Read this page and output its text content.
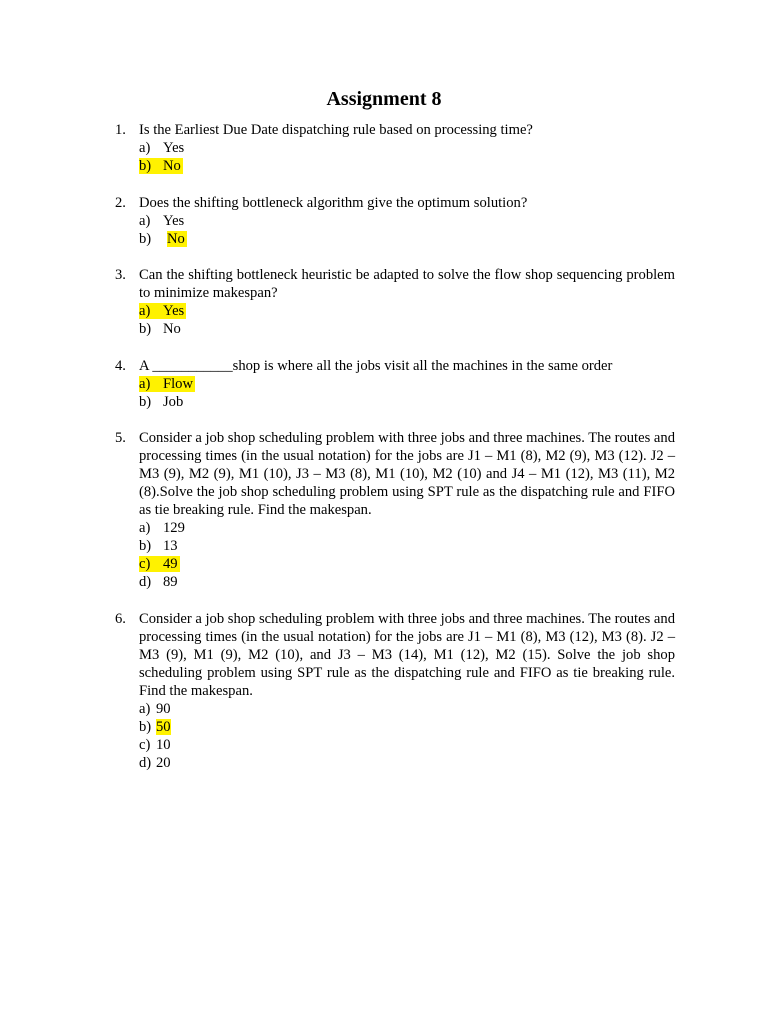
Assignment 8
1. Is the Earliest Due Date dispatching rule based on processing time?
a) Yes
b) No
2. Does the shifting bottleneck algorithm give the optimum solution?
a) Yes
b) No
3. Can the shifting bottleneck heuristic be adapted to solve the flow shop sequencing problem to minimize makespan?
a) Yes
b) No
4. A ___________shop is where all the jobs visit all the machines in the same order
a) Flow
b) Job
5. Consider a job shop scheduling problem with three jobs and three machines. The routes and processing times (in the usual notation) for the jobs are J1 – M1 (8), M2 (9), M3 (12). J2 –M3 (9), M2 (9), M1 (10), J3 – M3 (8), M1 (10), M2 (10) and J4 – M1 (12), M3 (11), M2 (8).Solve the job shop scheduling problem using SPT rule as the dispatching rule and FIFO as tie breaking rule. Find the makespan.
a) 129
b) 13
c) 49
d) 89
6. Consider a job shop scheduling problem with three jobs and three machines. The routes and processing times (in the usual notation) for the jobs are J1 – M1 (8), M3 (12), M3 (8). J2 –M3 (9), M1 (9), M2 (10), and J3 – M3 (14), M1 (12), M2 (15). Solve the job shop scheduling problem using SPT rule as the dispatching rule and FIFO as tie breaking rule. Find the makespan.
a) 90
b) 50
c) 10
d) 20
